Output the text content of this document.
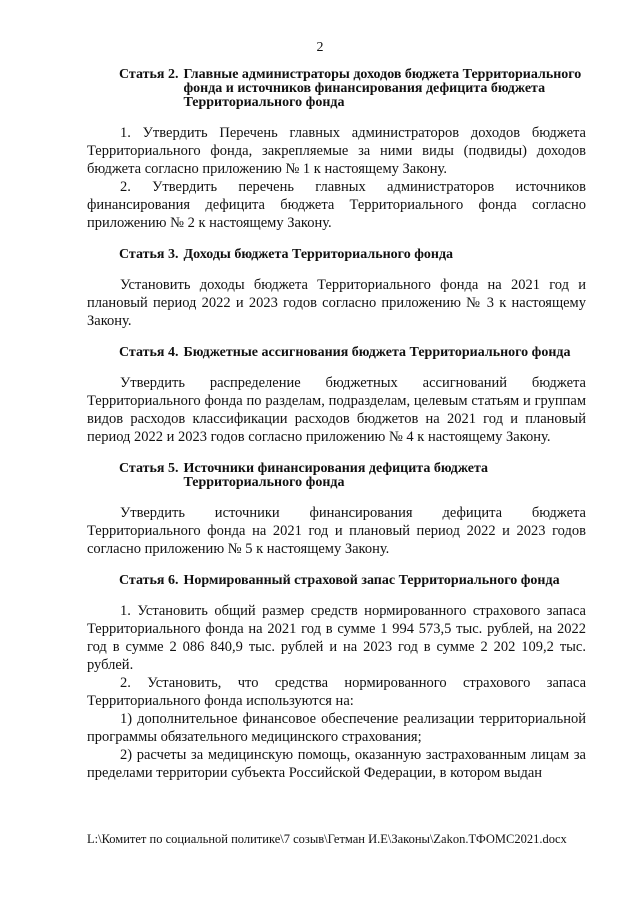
2
Статья 2. Главные администраторы доходов бюджета Территориального фонда и источников финансирования дефицита бюджета Территориального фонда

1. Утвердить Перечень главных администраторов доходов бюджета Территориального фонда, закрепляемые за ними виды (подвиды) доходов бюджета согласно приложению № 1 к настоящему Закону.

2. Утвердить перечень главных администраторов источников финансирования дефицита бюджета Территориального фонда согласно приложению № 2 к настоящему Закону.

Статья 3. Доходы бюджета Территориального фонда

Установить доходы бюджета Территориального фонда на 2021 год и плановый период 2022 и 2023 годов согласно приложению № 3 к настоящему Закону.

Статья 4. Бюджетные ассигнования бюджета Территориального фонда

Утвердить распределение бюджетных ассигнований бюджета Территориального фонда по разделам, подразделам, целевым статьям и группам видов расходов классификации расходов бюджетов на 2021 год и плановый период 2022 и 2023 годов согласно приложению № 4 к настоящему Закону.

Статья 5. Источники финансирования дефицита бюджета Территориального фонда

Утвердить источники финансирования дефицита бюджета Территориального фонда на 2021 год и плановый период 2022 и 2023 годов согласно приложению № 5 к настоящему Закону.

Статья 6. Нормированный страховой запас Территориального фонда

1. Установить общий размер средств нормированного страхового запаса Территориального фонда на 2021 год в сумме 1 994 573,5 тыс. рублей, на 2022 год в сумме 2 086 840,9 тыс. рублей и на 2023 год в сумме 2 202 109,2 тыс. рублей.

2. Установить, что средства нормированного страхового запаса Территориального фонда используются на:

1) дополнительное финансовое обеспечение реализации территориальной программы обязательного медицинского страхования;

2) расчеты за медицинскую помощь, оказанную застрахованным лицам за пределами территории субъекта Российской Федерации, в котором выдан

L:\Комитет по социальной политике\7 созыв\Гетман И.Е\Законы\Zakon.ТФОМС2021.docx
